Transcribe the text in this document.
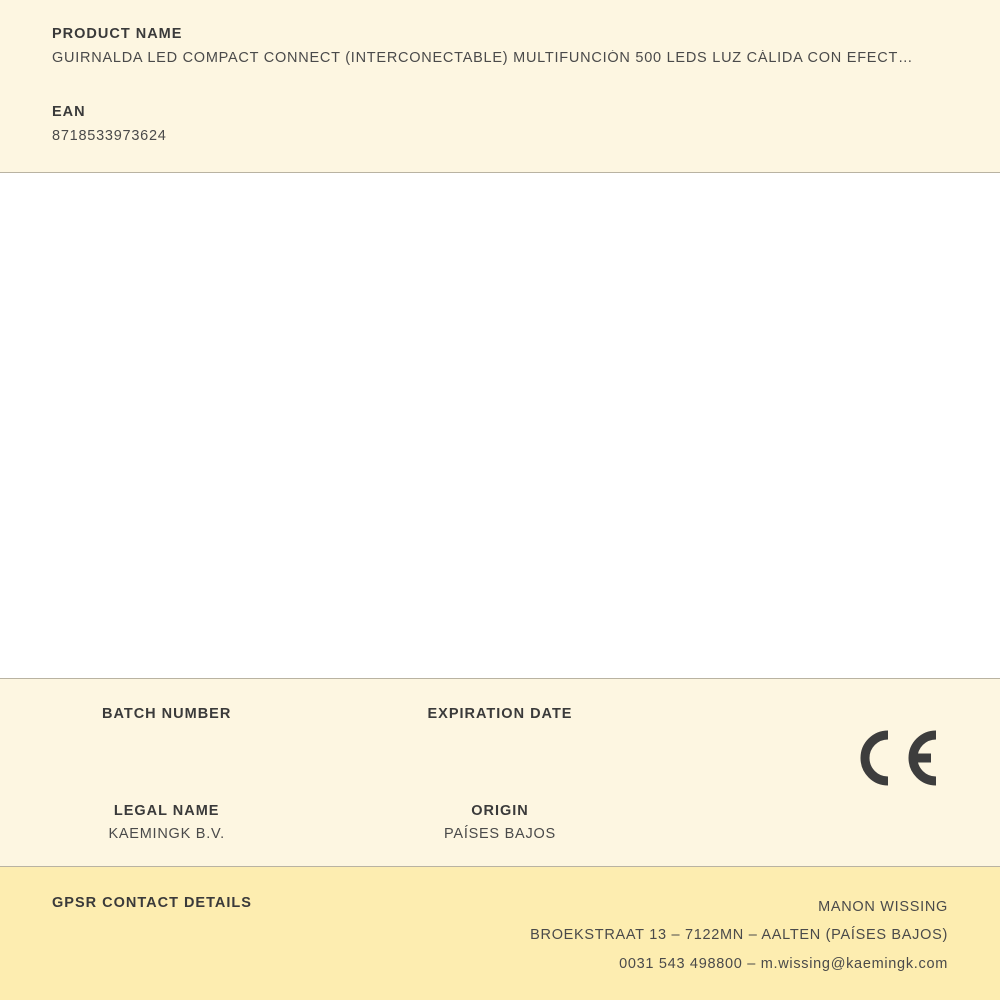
PRODUCT NAME

GUIRNALDA LED COMPACT CONNECT (INTERCONECTABLE) MULTIFUNCIÓN 500 LEDS LUZ CÁLIDA CON EFECT…

EAN

8718533973624

BATCH NUMBER	EXPIRATION DATE
LEGAL NAME
KAEMINGK B.V.
ORIGIN
PAÍSES BAJOS
GPSR CONTACT DETAILS	MANON WISSING
BROEKSTRAAT 13 – 7122MN – AALTEN (PAÍSES BAJOS)
0031 543 498800 – m.wissing@kaemingk.com
